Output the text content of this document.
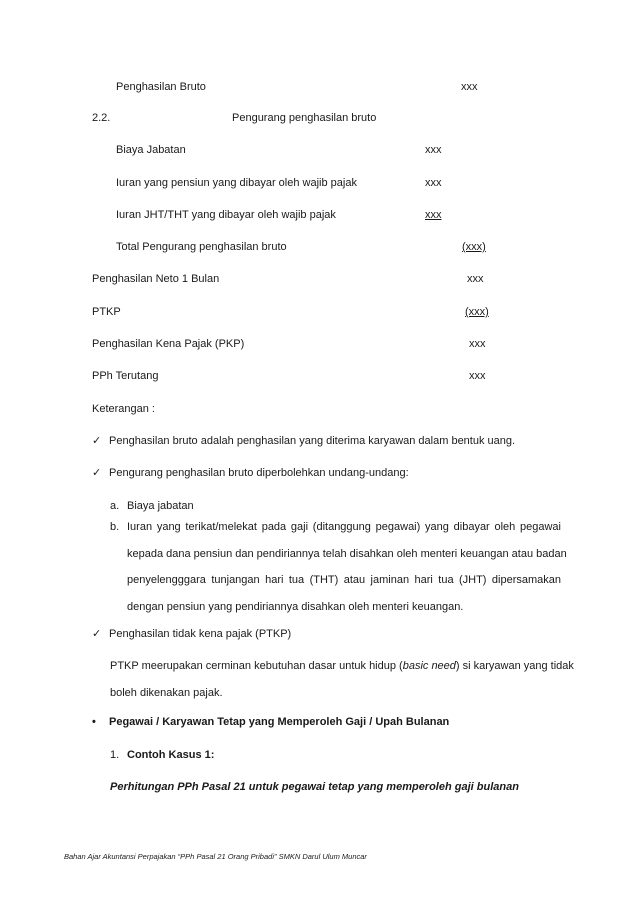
Penghasilan Bruto	xxx
2.2.	Pengurang penghasilan bruto
Biaya Jabatan	xxx
Iuran yang pensiun yang dibayar oleh wajib pajak	xxx
Iuran JHT/THT yang dibayar oleh wajib pajak	xxx
Total Pengurang penghasilan bruto	(xxx)
Penghasilan Neto 1 Bulan	xxx
PTKP	(xxx)
Penghasilan Kena Pajak (PKP)	xxx
PPh Terutang	xxx
Keterangan :
✓ Penghasilan bruto adalah penghasilan yang diterima karyawan dalam bentuk uang.
✓ Pengurang penghasilan bruto diperbolehkan undang-undang:
a. Biaya jabatan
b. Iuran yang terikat/melekat pada gaji (ditanggung pegawai) yang dibayar oleh pegawai
kepada dana pensiun dan pendiriannya telah disahkan oleh menteri keuangan atau badan
penyelengggara tunjangan hari tua (THT) atau jaminan hari tua (JHT) dipersamakan
dengan pensiun yang pendiriannya disahkan oleh menteri keuangan.
✓ Penghasilan tidak kena pajak (PTKP)
PTKP meerupakan cerminan kebutuhan dasar untuk hidup (basic need) si karyawan yang tidak
boleh dikenakan pajak.
• Pegawai / Karyawan Tetap yang Memperoleh Gaji / Upah Bulanan
1. Contoh Kasus 1:
Perhitungan PPh Pasal 21 untuk pegawai tetap yang memperoleh gaji bulanan
Bahan Ajar Akuntansi Perpajakan “PPh Pasal 21 Orang Pribadi” SMKN Darul Ulum Muncar
